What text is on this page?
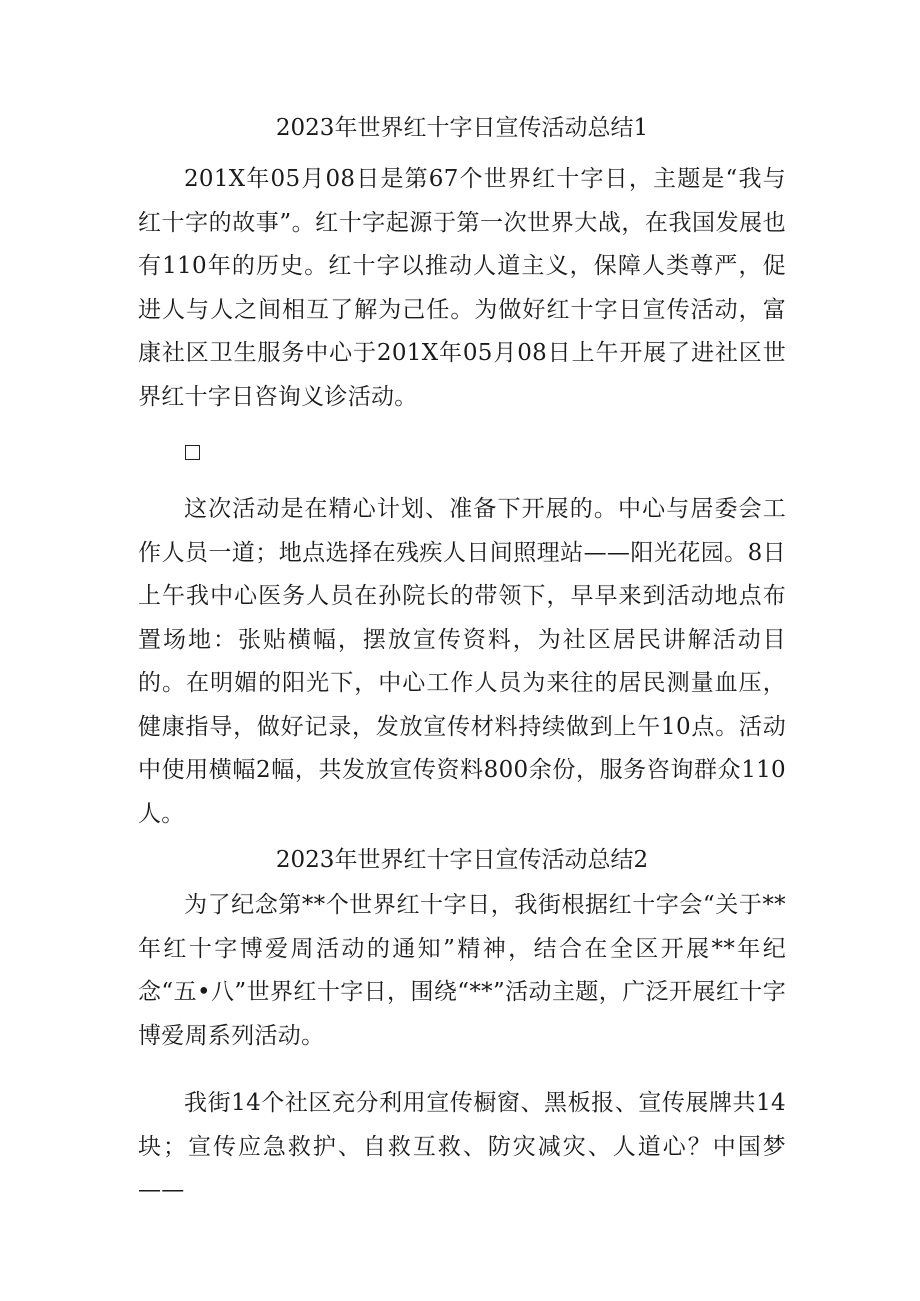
2023年世界红十字日宣传活动总结1

201X年05月08日是第67个世界红十字日，主题是“我与红十字的故事”。红十字起源于第一次世界大战，在我国发展也有110年的历史。红十字以推动人道主义，保障人类尊严，促进人与人之间相互了解为己任。为做好红十字日宣传活动，富康社区卫生服务中心于201X年05月08日上午开展了进社区世界红十字日咨询义诊活动。

这次活动是在精心计划、准备下开展的。中心与居委会工作人员一道；地点选择在残疾人日间照理站——阳光花园。8日上午我中心医务人员在孙院长的带领下，早早来到活动地点布置场地：张贴横幅，摆放宣传资料，为社区居民讲解活动目的。在明媚的阳光下，中心工作人员为来往的居民测量血压，健康指导，做好记录，发放宣传材料持续做到上午10点。活动中使用横幅2幅，共发放宣传资料800余份，服务咨询群众110人。

2023年世界红十字日宣传活动总结2

为了纪念第**个世界红十字日，我街根据红十字会“关于**年红十字博爱周活动的通知”精神，结合在全区开展**年纪念“五•八”世界红十字日，围绕“**”活动主题，广泛开展红十字博爱周系列活动。

我街14个社区充分利用宣传橱窗、黑板报、宣传展牌共14块；宣传应急救护、自救互救、防灾减灾、人道心？中国梦——
